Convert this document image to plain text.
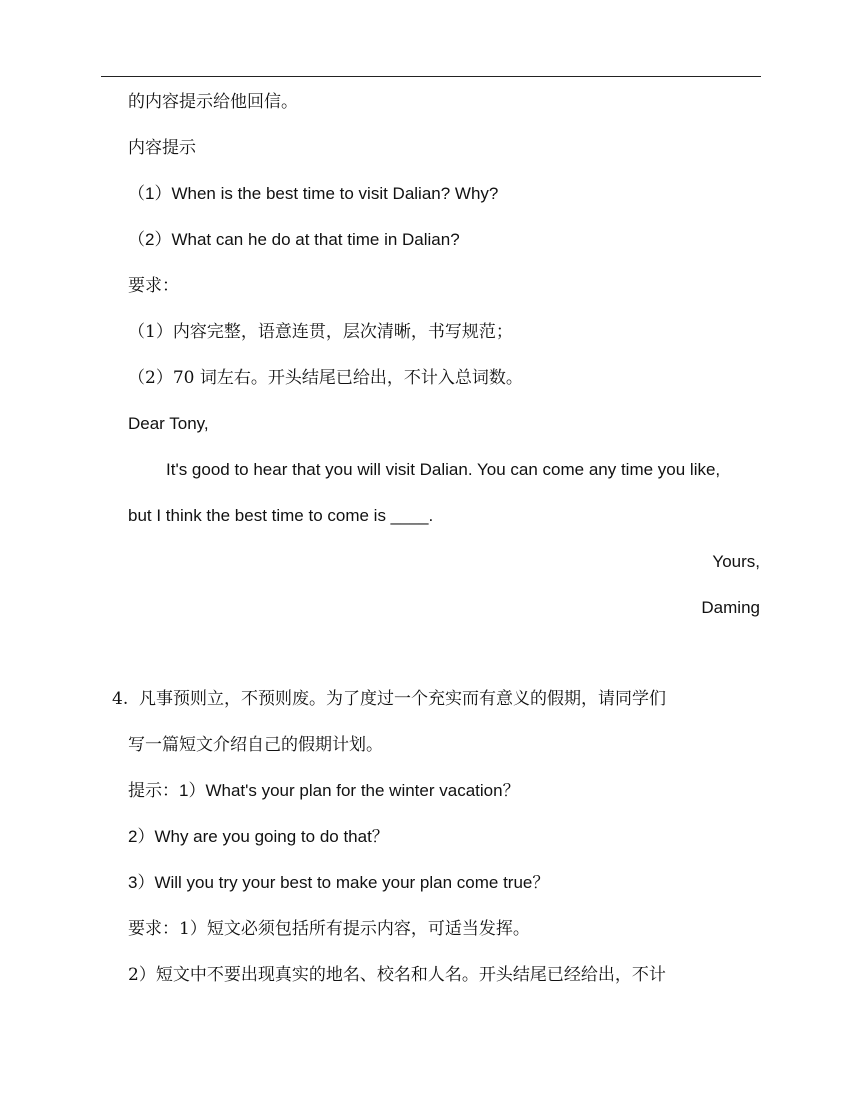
的内容提示给他回信。
内容提示
（1）When is the best time to visit Dalian? Why?
（2）What can he do at that time in Dalian?
要求：
（1）内容完整，语意连贯，层次清晰，书写规范；
（2）70 词左右。开头结尾已给出，不计入总词数。
Dear Tony,
It's good to hear that you will visit Dalian. You can come any time you like,
but I think the best time to come is ____.
Yours,
Daming
4. 凡事预则立，不预则废。为了度过一个充实而有意义的假期，请同学们
写一篇短文介绍自己的假期计划。
提示：1）What's your plan for the winter vacation？
2）Why are you going to do that？
3）Will you try your best to make your plan come true？
要求：1）短文必须包括所有提示内容，可适当发挥。
2）短文中不要出现真实的地名、校名和人名。开头结尾已经给出，不计
